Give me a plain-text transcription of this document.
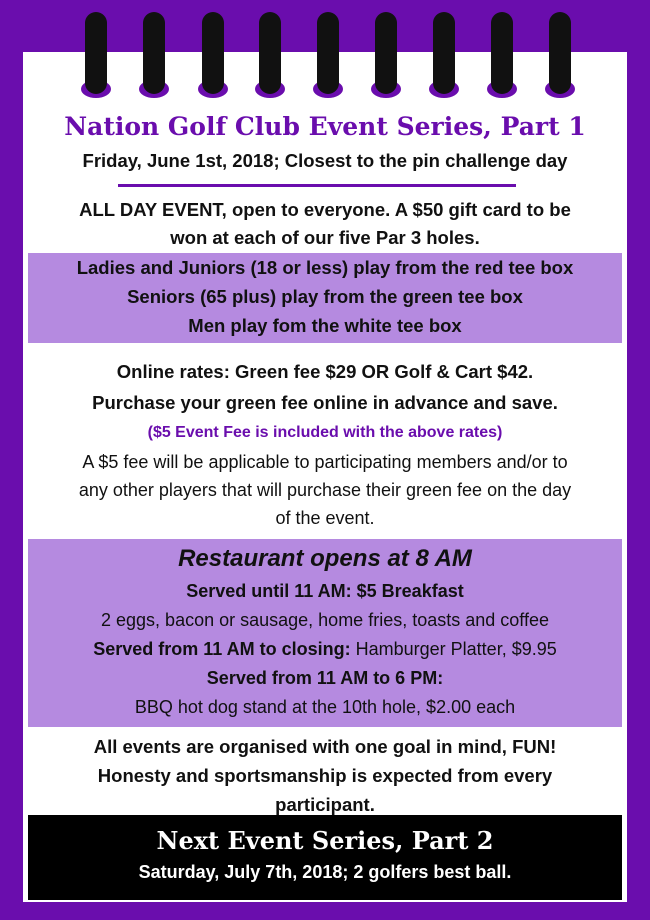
Nation Golf Club Event Series, Part 1
Friday, June 1st, 2018; Closest to the pin challenge day
ALL DAY EVENT, open to everyone. A $50 gift card to be
won at each of our five Par 3 holes.
Ladies and Juniors (18 or less) play from the red tee box
Seniors (65 plus) play from the green tee box
Men play fom the white tee box
Online rates: Green fee $29 OR Golf & Cart $42.
Purchase your green fee online in advance and save.
($5 Event Fee is included with the above rates)
A $5 fee will be applicable to participating members and/or to
any other players that will purchase their green fee on the day
of the event.
Restaurant opens at 8 AM
Served until 11 AM: $5 Breakfast
2 eggs, bacon or sausage, home fries, toasts and coffee
Served from 11 AM to closing: Hamburger Platter, $9.95
Served from 11 AM to 6 PM:
BBQ hot dog stand at the 10th hole, $2.00 each
All events are organised with one goal in mind, FUN!
Honesty and sportsmanship is expected from every
participant.
Next Event Series, Part 2
Saturday, July 7th, 2018; 2 golfers best ball.
